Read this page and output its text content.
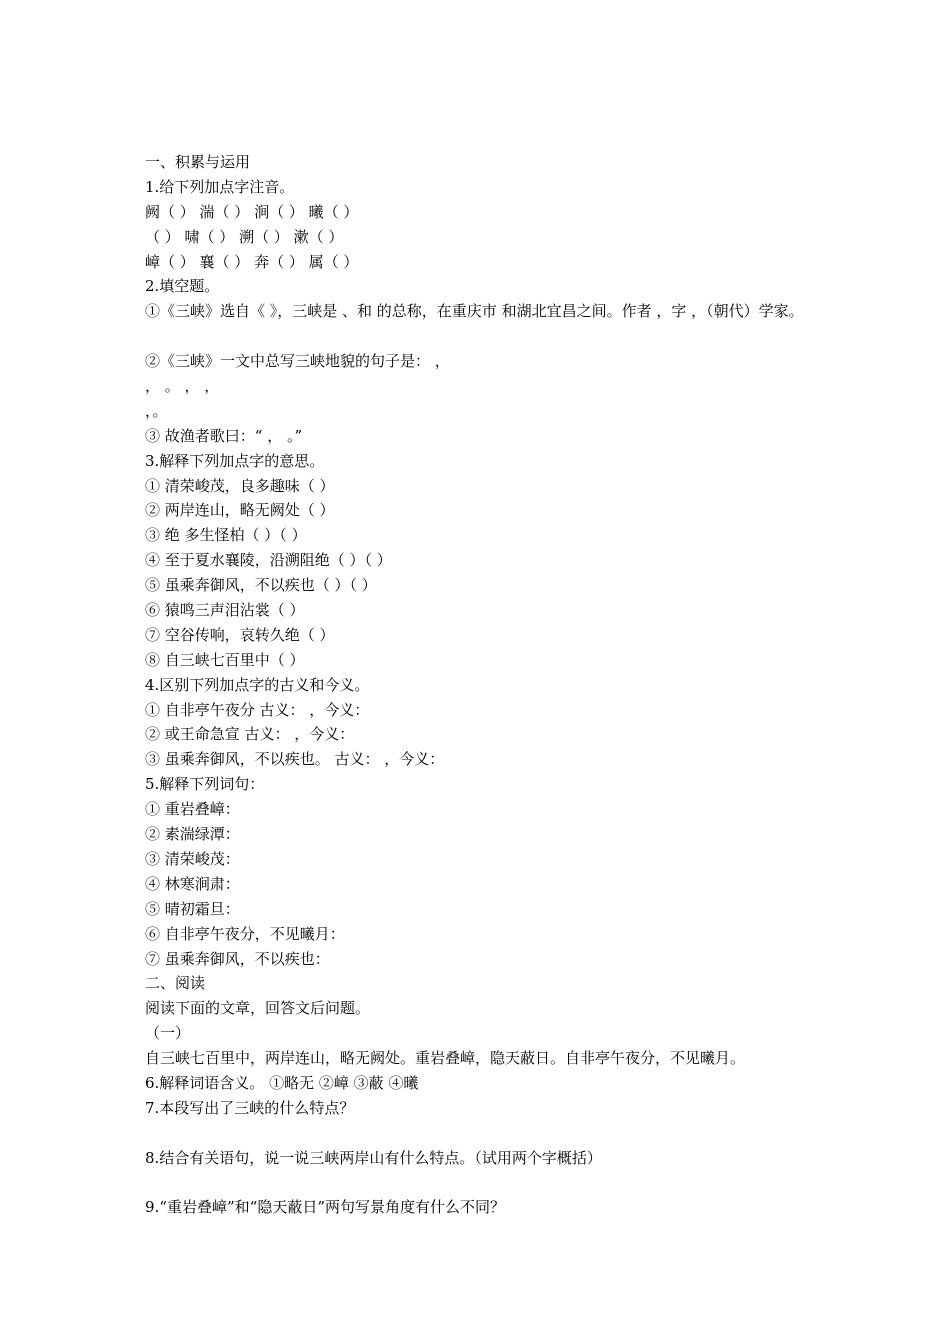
一、积累与运用
1.给下列加点字注音。
阙（ ） 湍（ ） 涧（ ） 曦（ ）
（ ） 啸（ ） 溯（ ） 漱（ ）
嶂（ ） 襄（ ） 奔（ ） 属（ ）
2.填空题。
①《三峡》选自《 》，三峡是 、和 的总称，在重庆市 和湖北宜昌之间。作者 ，字 ，（朝代）学家。
②《三峡》一文中总写三峡地貌的句子是： ，
， 。 ， ，
，。
③ 故渔者歌曰：“ ， 。”
3.解释下列加点字的意思。
① 清荣峻茂，良多趣味（ ）
② 两岸连山，略无阙处（ ）
③ 绝 多生怪柏（ ）（ ）
④ 至于夏水襄陵，沿溯阻绝（ ）（ ）
⑤ 虽乘奔御风，不以疾也（ ）（ ）
⑥ 猿鸣三声泪沾裳（ ）
⑦ 空谷传响，哀转久绝（ ）
⑧ 自三峡七百里中（ ）
4.区别下列加点字的古义和今义。
① 自非亭午夜分 古义： ，今义：
② 或王命急宣 古义： ，今义：
③ 虽乘奔御风，不以疾也。 古义： ，今义：
5.解释下列词句：
① 重岩叠嶂：
② 素湍绿潭：
③ 清荣峻茂：
④ 林寒涧肃：
⑤ 晴初霜旦：
⑥ 自非亭午夜分，不见曦月：
⑦ 虽乘奔御风，不以疾也：
二、阅读
阅读下面的文章，回答文后问题。
（一）
自三峡七百里中，两岸连山，略无阙处。重岩叠嶂，隐天蔽日。自非亭午夜分，不见曦月。
6.解释词语含义。 ①略无 ②嶂 ③蔽 ④曦
7.本段写出了三峡的什么特点？
8.结合有关语句，说一说三峡两岸山有什么特点。（试用两个字概括）
9.“重岩叠嶂”和“隐天蔽日”两句写景角度有什么不同？
